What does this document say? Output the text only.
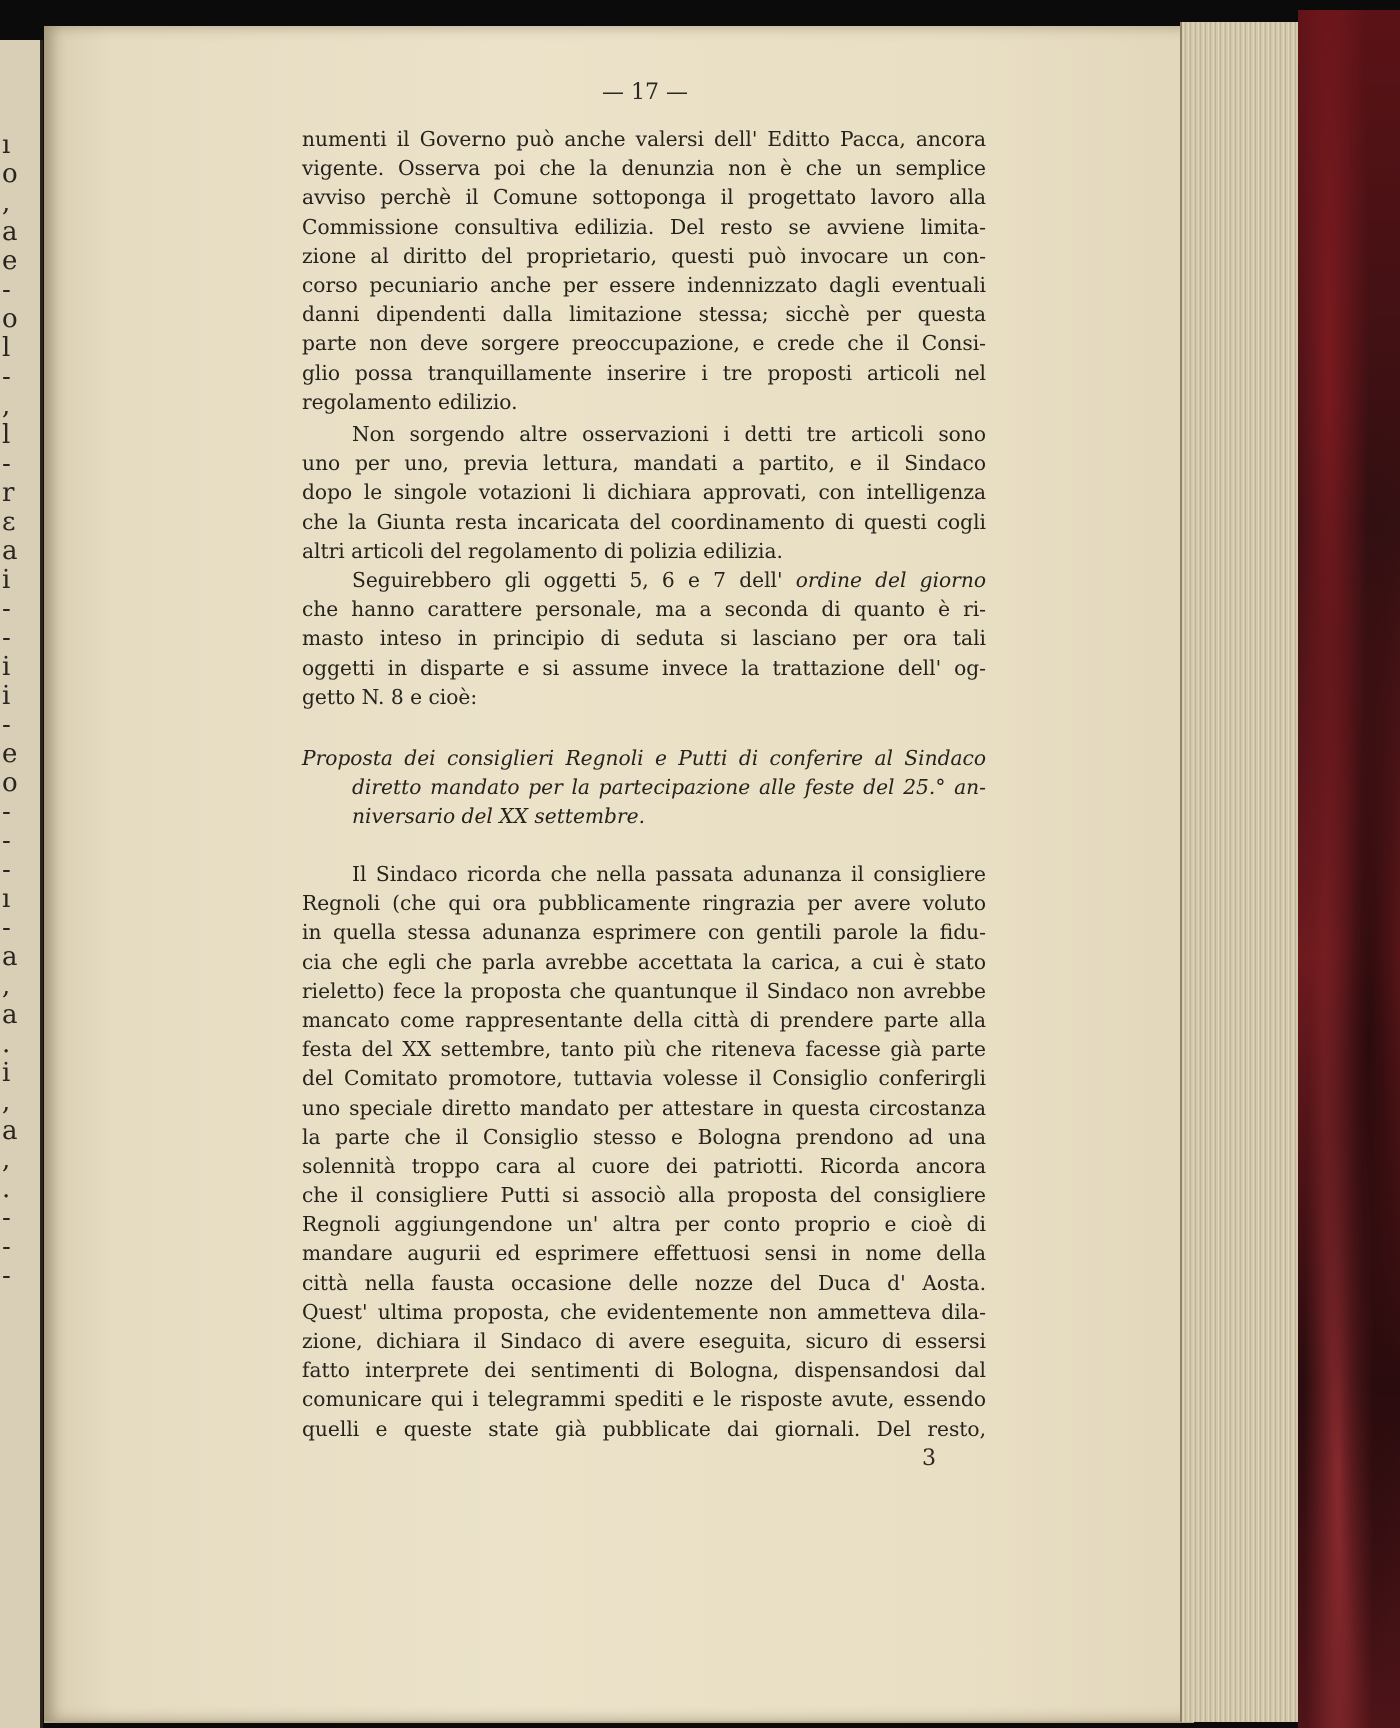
ı
o
,
a
e
-
o
l
-
,
l
-
r
ɛ
a
i
-
-
i
i
-
e
o
-
-
-
ı
-
a
,
a
.
i
,
a
,
.
-
-
-
— 17 —
numenti il Governo può anche valersi dell' Editto Pacca, ancora
vigente. Osserva poi che la denunzia non è che un semplice
avviso perchè il Comune sottoponga il progettato lavoro alla
Commissione consultiva edilizia. Del resto se avviene limita-
zione al diritto del proprietario, questi può invocare un con-
corso pecuniario anche per essere indennizzato dagli eventuali
danni dipendenti dalla limitazione stessa; sicchè per questa
parte non deve sorgere preoccupazione, e crede che il Consi-
glio possa tranquillamente inserire i tre proposti articoli nel
regolamento edilizio.
Non sorgendo altre osservazioni i detti tre articoli sono
uno per uno, previa lettura, mandati a partito, e il Sindaco
dopo le singole votazioni li dichiara approvati, con intelligenza
che la Giunta resta incaricata del coordinamento di questi cogli
altri articoli del regolamento di polizia edilizia.
Seguirebbero gli oggetti 5, 6 e 7 dell' ordine del giorno
che hanno carattere personale, ma a seconda di quanto è ri-
masto inteso in principio di seduta si lasciano per ora tali
oggetti in disparte e si assume invece la trattazione dell' og-
getto N. 8 e cioè:
Proposta dei consiglieri Regnoli e Putti di conferire al Sindaco
diretto mandato per la partecipazione alle feste del 25.° an-
niversario del XX settembre.
Il Sindaco ricorda che nella passata adunanza il consigliere
Regnoli (che qui ora pubblicamente ringrazia per avere voluto
in quella stessa adunanza esprimere con gentili parole la fidu-
cia che egli che parla avrebbe accettata la carica, a cui è stato
rieletto) fece la proposta che quantunque il Sindaco non avrebbe
mancato come rappresentante della città di prendere parte alla
festa del XX settembre, tanto più che riteneva facesse già parte
del Comitato promotore, tuttavia volesse il Consiglio conferirgli
uno speciale diretto mandato per attestare in questa circostanza
la parte che il Consiglio stesso e Bologna prendono ad una
solennità troppo cara al cuore dei patriotti. Ricorda ancora
che il consigliere Putti si associò alla proposta del consigliere
Regnoli aggiungendone un' altra per conto proprio e cioè di
mandare augurii ed esprimere effettuosi sensi in nome della
città nella fausta occasione delle nozze del Duca d' Aosta.
Quest' ultima proposta, che evidentemente non ammetteva dila-
zione, dichiara il Sindaco di avere eseguita, sicuro di essersi
fatto interprete dei sentimenti di Bologna, dispensandosi dal
comunicare qui i telegrammi spediti e le risposte avute, essendo
quelli e queste state già pubblicate dai giornali. Del resto,
3
